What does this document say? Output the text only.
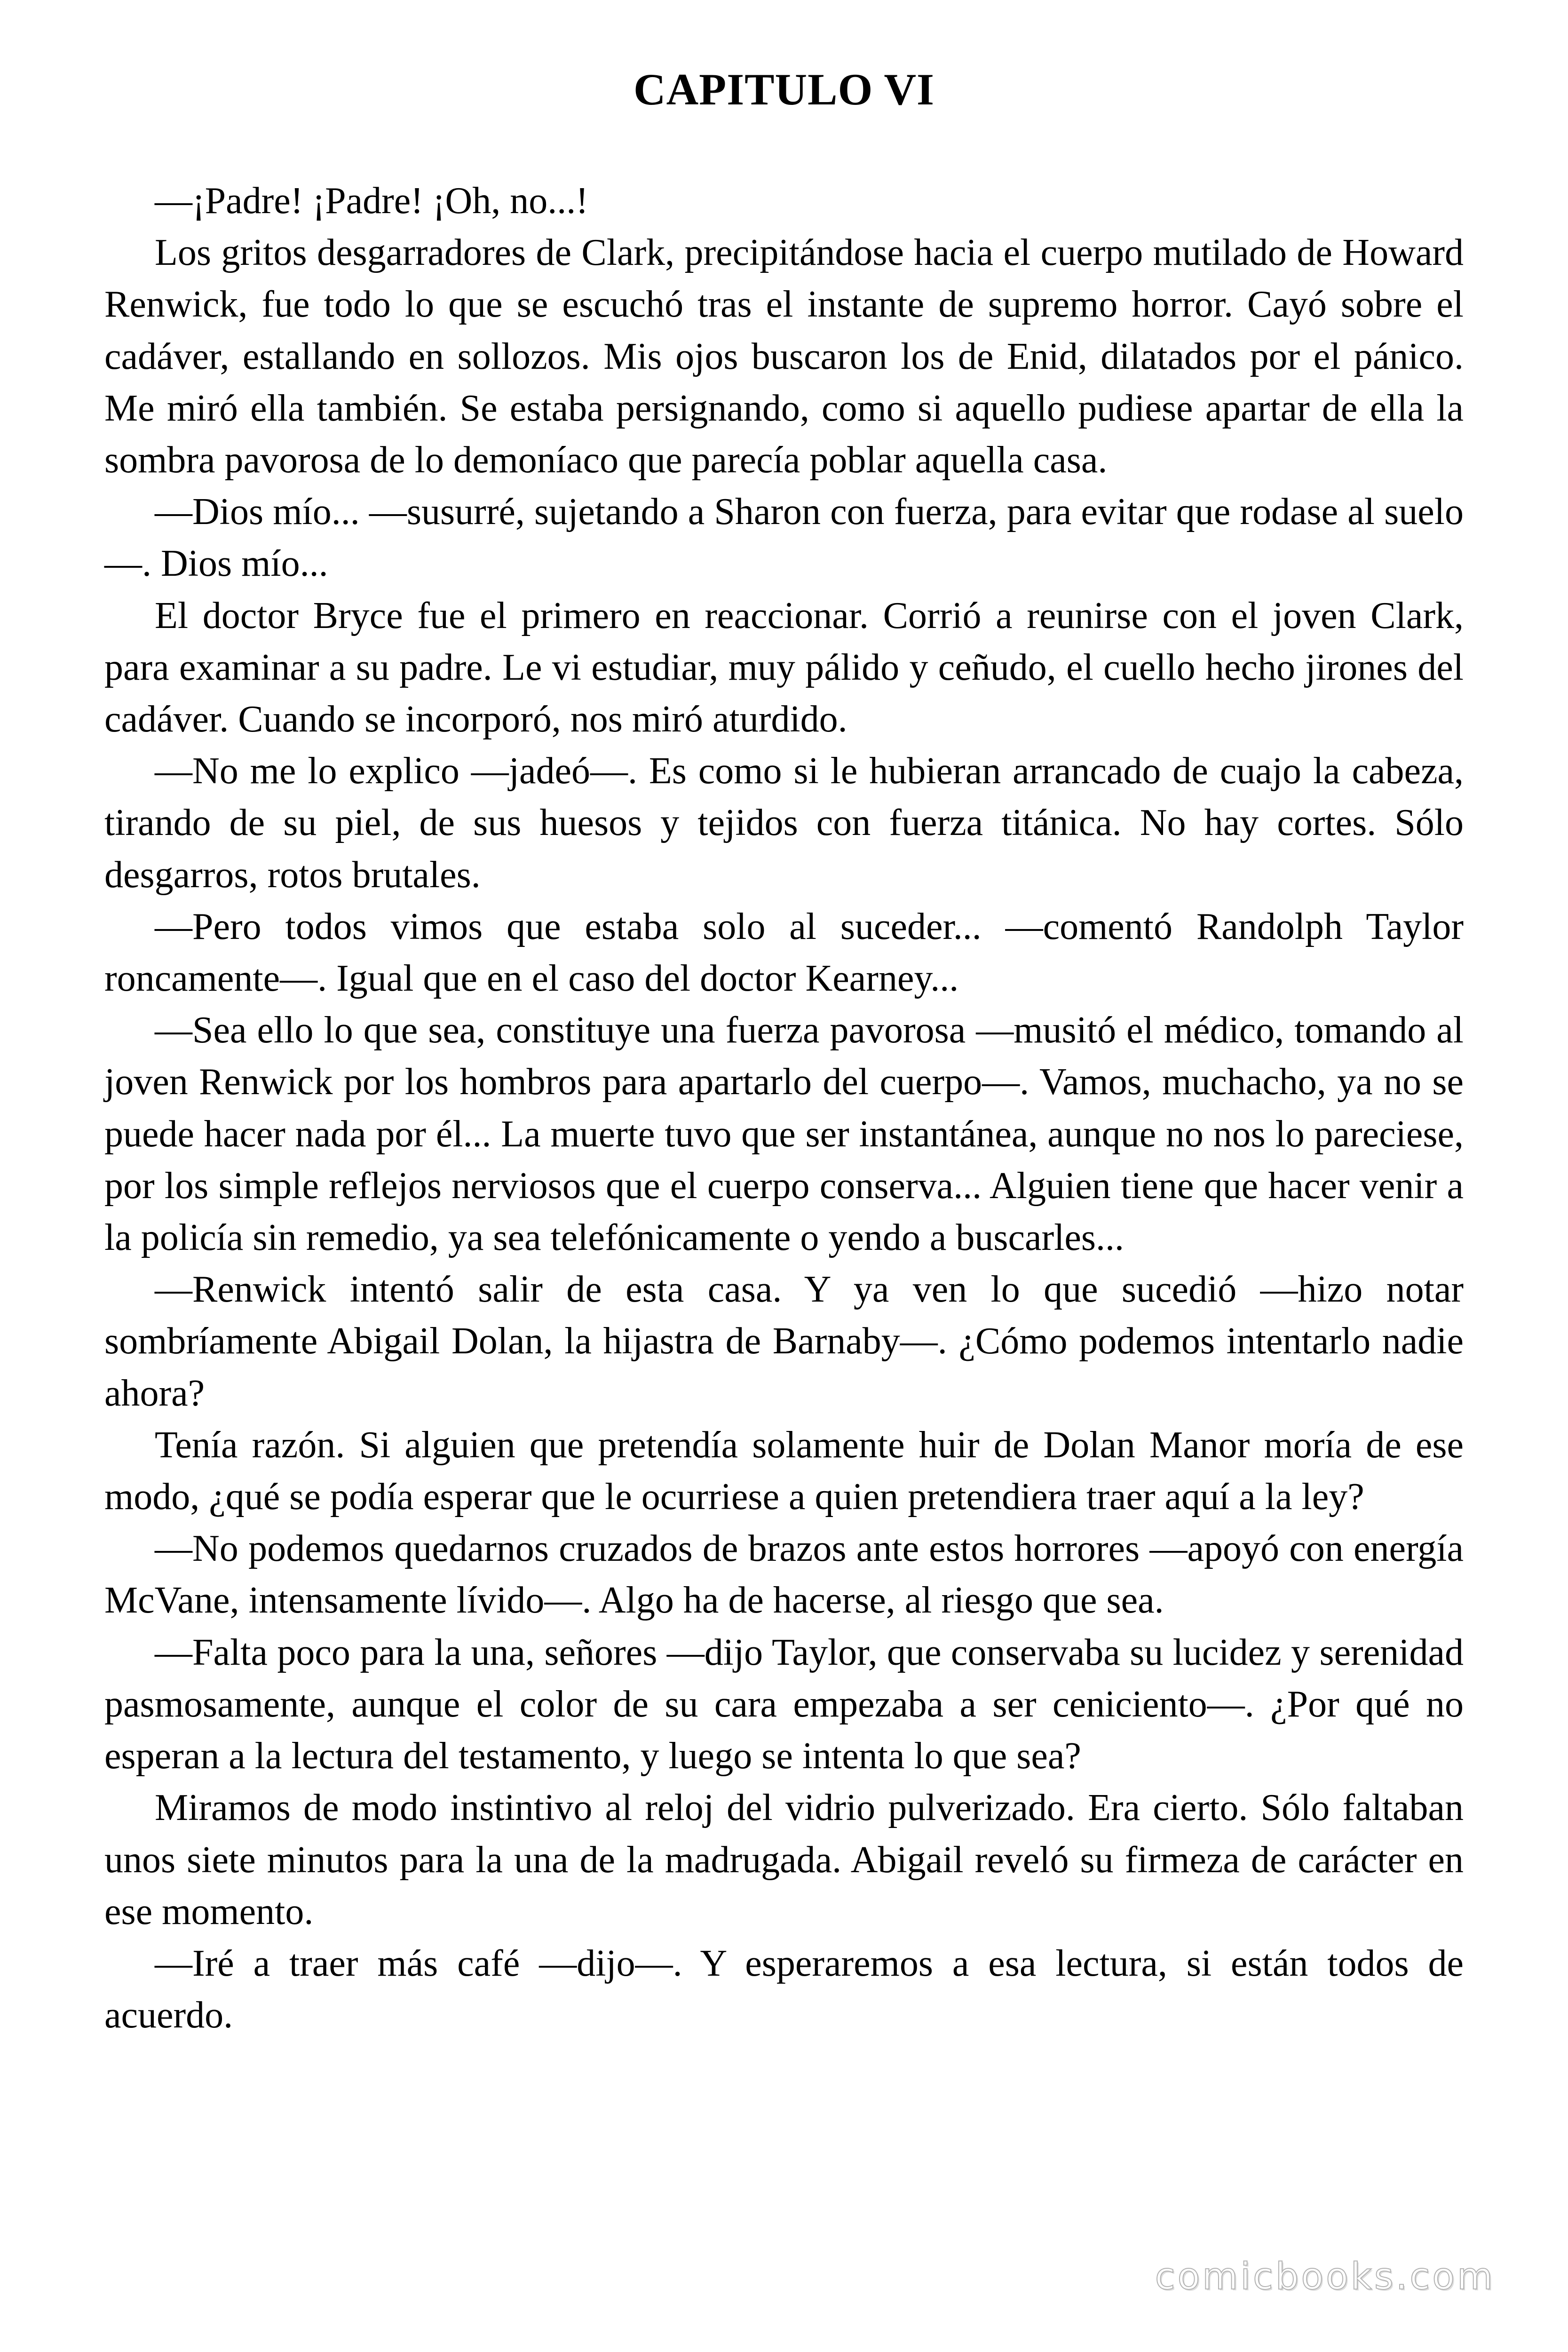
CAPITULO VI

—¡Padre! ¡Padre! ¡Oh, no...!

Los gritos desgarradores de Clark, precipitándose hacia el cuerpo mutilado de Howard Renwick, fue todo lo que se escuchó tras el instante de supremo horror. Cayó sobre el cadáver, estallando en sollozos. Mis ojos buscaron los de Enid, dilatados por el pánico. Me miró ella también. Se estaba persignando, como si aquello pudiese apartar de ella la sombra pavorosa de lo demoníaco que parecía poblar aquella casa.

—Dios mío... —susurré, sujetando a Sharon con fuerza, para evitar que rodase al suelo—. Dios mío...

El doctor Bryce fue el primero en reaccionar. Corrió a reunirse con el joven Clark, para examinar a su padre. Le vi estudiar, muy pálido y ceñudo, el cuello hecho jirones del cadáver. Cuando se incorporó, nos miró aturdido.

—No me lo explico —jadeó—. Es como si le hubieran arrancado de cuajo la cabeza, tirando de su piel, de sus huesos y tejidos con fuerza titánica. No hay cortes. Sólo desgarros, rotos brutales.

—Pero todos vimos que estaba solo al suceder... —comentó Randolph Taylor roncamente—. Igual que en el caso del doctor Kearney...

—Sea ello lo que sea, constituye una fuerza pavorosa —musitó el médico, tomando al joven Renwick por los hombros para apartarlo del cuerpo—. Vamos, muchacho, ya no se puede hacer nada por él... La muerte tuvo que ser instantánea, aunque no nos lo pareciese, por los simple reflejos nerviosos que el cuerpo conserva... Alguien tiene que hacer venir a la policía sin remedio, ya sea telefónicamente o yendo a buscarles...

—Renwick intentó salir de esta casa. Y ya ven lo que sucedió —hizo notar sombríamente Abigail Dolan, la hijastra de Barnaby—. ¿Cómo podemos intentarlo nadie ahora?

Tenía razón. Si alguien que pretendía solamente huir de Dolan Manor moría de ese modo, ¿qué se podía esperar que le ocurriese a quien pretendiera traer aquí a la ley?

—No podemos quedarnos cruzados de brazos ante estos horrores —apoyó con energía McVane, intensamente lívido—. Algo ha de hacerse, al riesgo que sea.

—Falta poco para la una, señores —dijo Taylor, que conservaba su lucidez y serenidad pasmosamente, aunque el color de su cara empezaba a ser ceniciento—. ¿Por qué no esperan a la lectura del testamento, y luego se intenta lo que sea?

Miramos de modo instintivo al reloj del vidrio pulverizado. Era cierto. Sólo faltaban unos siete minutos para la una de la madrugada. Abigail reveló su firmeza de carácter en ese momento.

—Iré a traer más café —dijo—. Y esperaremos a esa lectura, si están todos de acuerdo.

comicbooks.com
